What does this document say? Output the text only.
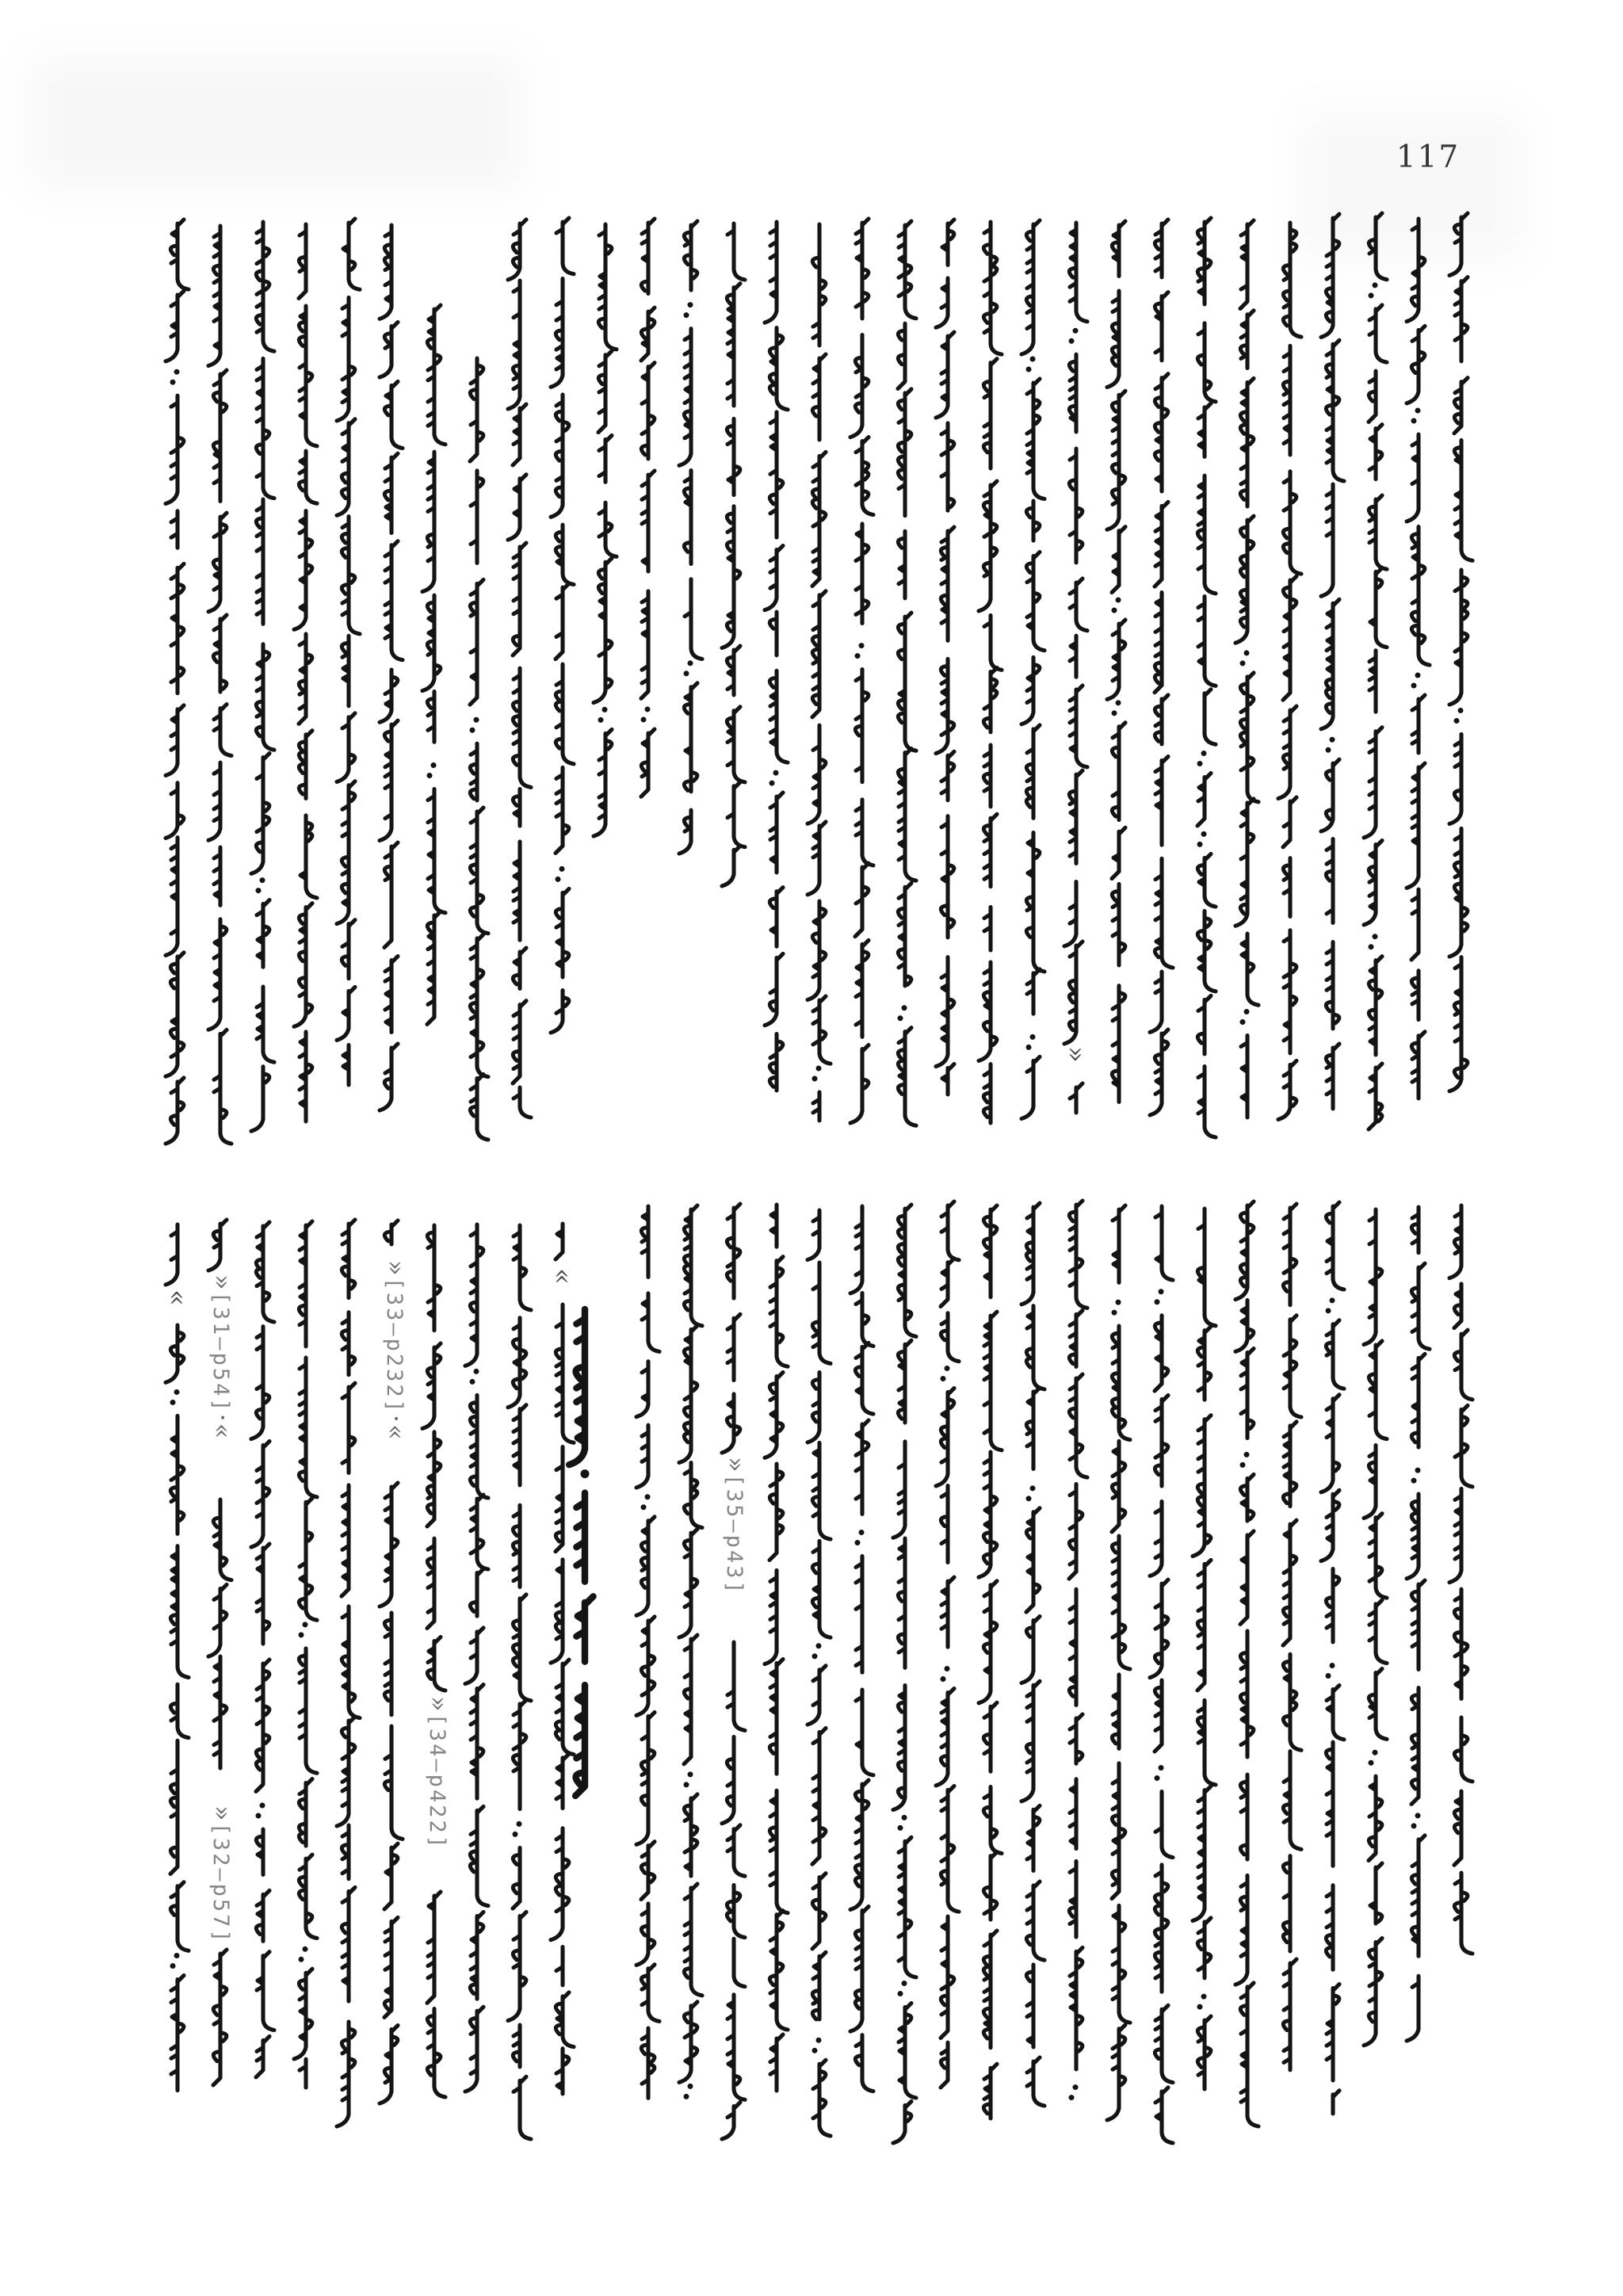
117
»[31—p54]·«
»[33—p232]·«
»[34—p422]
»[32—p57]
»[35—p43]
«
«
»
